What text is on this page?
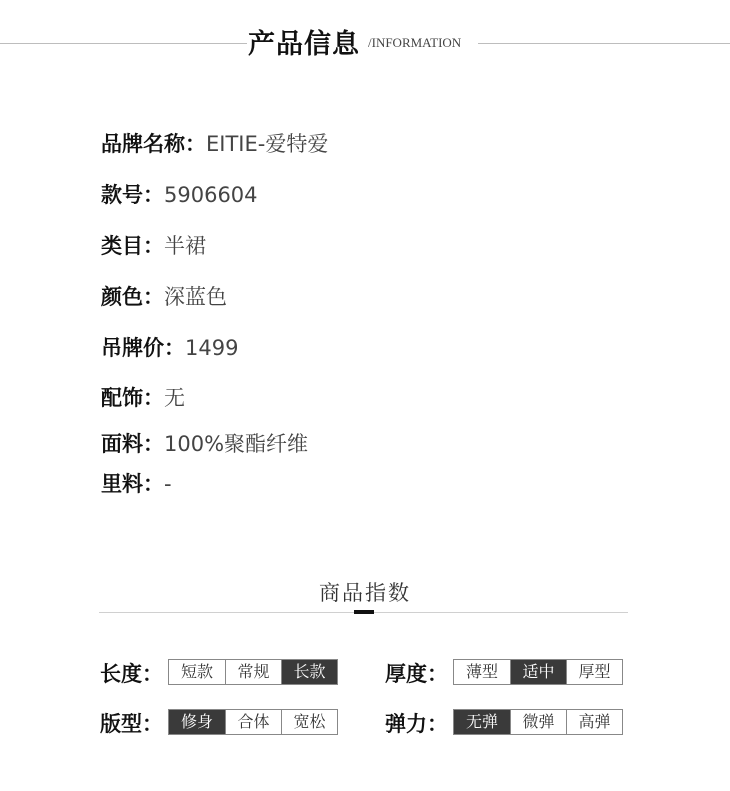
产品信息 /INFORMATION
品牌名称：EITIE-爱特爱
款号：5906604
类目：半裙
颜色：深蓝色
吊牌价：1499
配饰：无
面料：100%聚酯纤维
里料：-
商品指数
长度：	短款	常规	长款	厚度：	薄型	适中	厚型
版型：	修身	合体	宽松	弹力：	无弹	微弹	高弹
